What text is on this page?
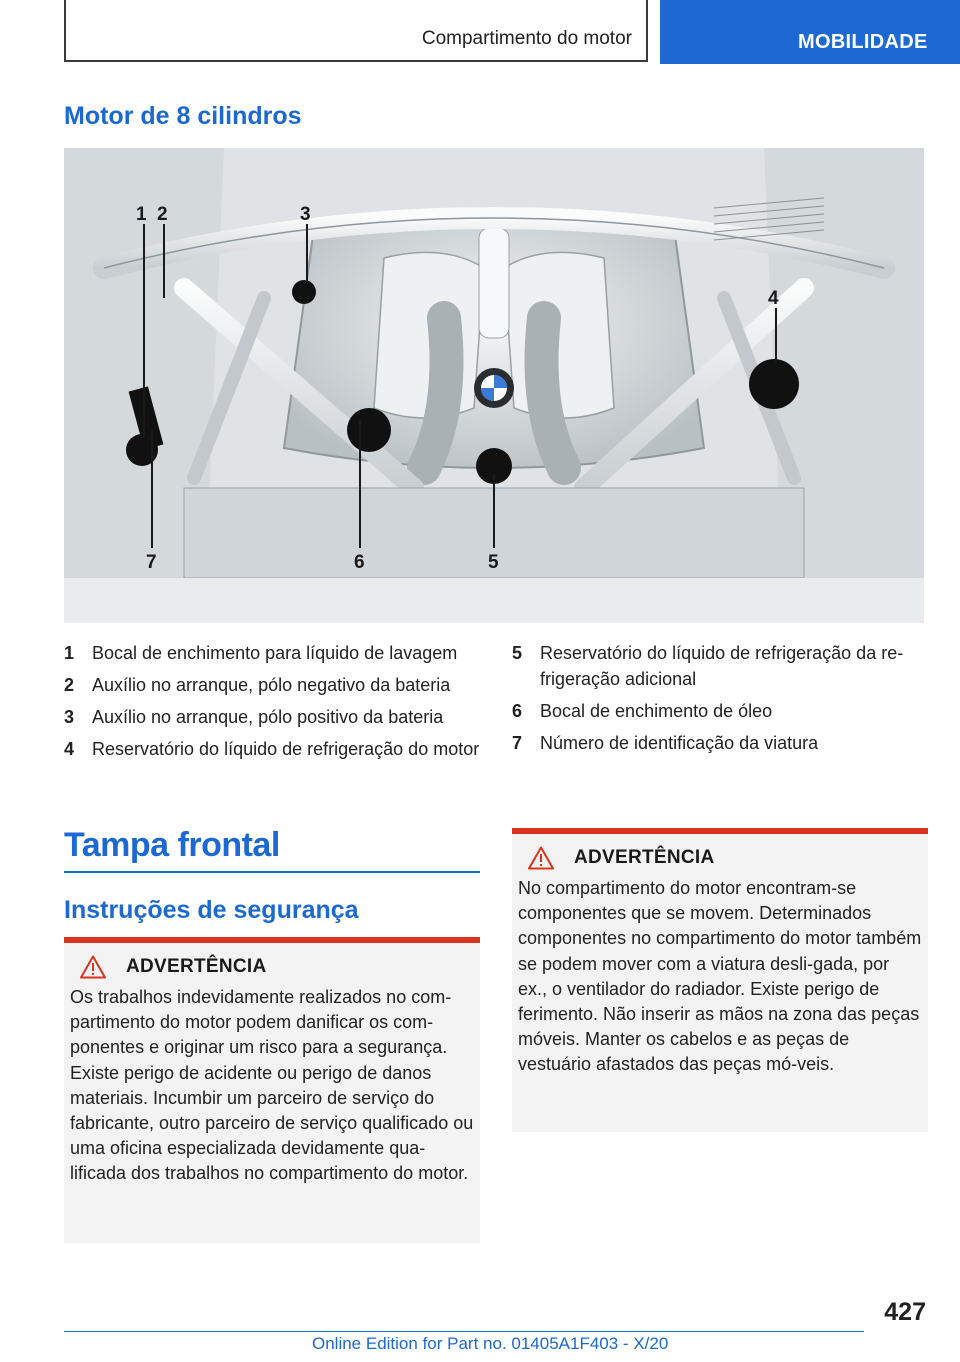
Compartimento do motor	MOBILIDADE
Motor de 8 cilindros
1 2	3
4
5
6
7
1 Bocal de enchimento para líquido de lavagem
2 Auxílio no arranque, pólo negativo da bateria
3 Auxílio no arranque, pólo positivo da bateria
4 Reservatório do líquido de refrigeração do motor
5 Reservatório do líquido de refrigeração da re‐frigeração adicional
6 Bocal de enchimento de óleo
7 Número de identificação da viatura
Tampa frontal
Instruções de segurança
ADVERTÊNCIA
Os trabalhos indevidamente realizados no com‐partimento do motor podem danificar os com‐ponentes e originar um risco para a segurança. Existe perigo de acidente ou perigo de danos materiais. Incumbir um parceiro de serviço do fabricante, outro parceiro de serviço qualificado ou uma oficina especializada devidamente qua‐lificada dos trabalhos no compartimento do motor.
ADVERTÊNCIA
No compartimento do motor encontram-se componentes que se movem. Determinados componentes no compartimento do motor também se podem mover com a viatura desli‐gada, por ex., o ventilador do radiador. Existe perigo de ferimento. Não inserir as mãos na zona das peças móveis. Manter os cabelos e as peças de vestuário afastados das peças mó‐veis.
427
Online Edition for Part no. 01405A1F403 - X/20
